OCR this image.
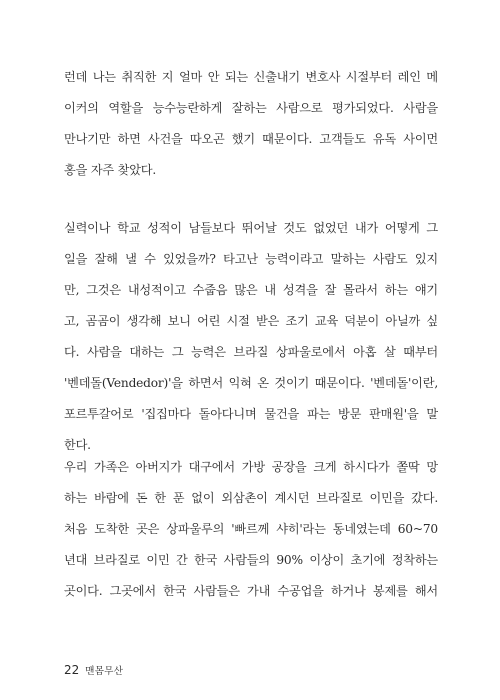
런데 나는 취직한 지 얼마 안 되는 신출내기 변호사 시절부터 레인 메
이커의 역할을 능수능란하게 잘하는 사람으로 평가되었다. 사람을
만나기만 하면 사건을 따오곤 했기 때문이다. 고객들도 유독 사이먼
홍을 자주 찾았다.
실력이나 학교 성적이 남들보다 뛰어날 것도 없었던 내가 어떻게 그
일을 잘해 낼 수 있었을까? 타고난 능력이라고 말하는 사람도 있지
만, 그것은 내성적이고 수줍음 많은 내 성격을 잘 몰라서 하는 얘기
고, 곰곰이 생각해 보니 어린 시절 받은 조기 교육 덕분이 아닐까 싶
다. 사람을 대하는 그 능력은 브라질 상파울로에서 아홉 살 때부터
'벤데돌(Vendedor)'을 하면서 익혀 온 것이기 때문이다. '벤데돌'이란,
포르투갈어로 '집집마다 돌아다니며 물건을 파는 방문 판매원'을 말
한다.
우리 가족은 아버지가 대구에서 가방 공장을 크게 하시다가 쫄딱 망
하는 바람에 돈 한 푼 없이 외삼촌이 계시던 브라질로 이민을 갔다.
처음 도착한 곳은 상파울루의 '빠르께 샤히'라는 동네였는데 60~70
년대 브라질로 이민 간 한국 사람들의 90% 이상이 초기에 정착하는
곳이다. 그곳에서 한국 사람들은 가내 수공업을 하거나 봉제를 해서
22 맨몸무산
